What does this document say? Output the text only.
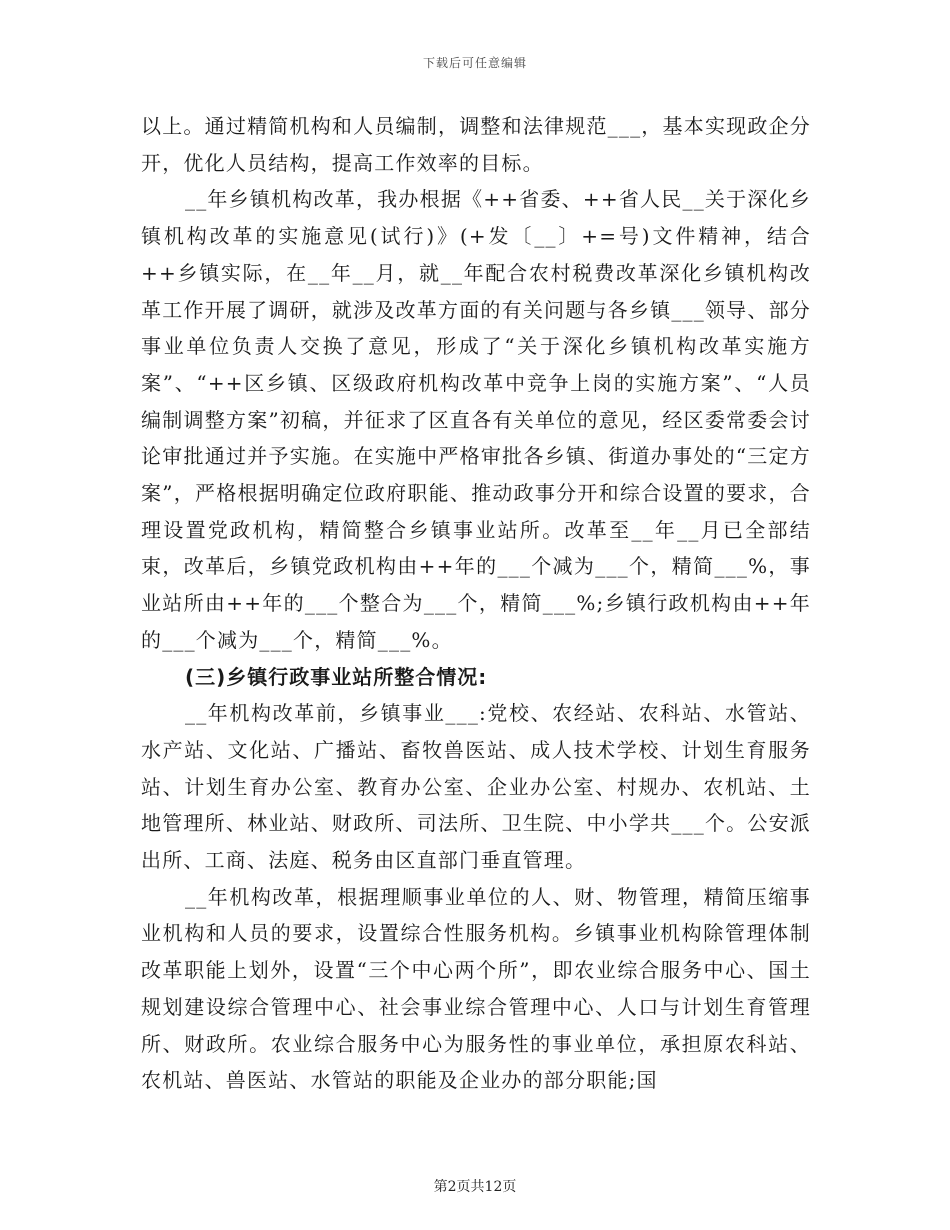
下载后可任意编辑

以上。通过精简机构和人员编制，调整和法律规范___，基本实现政企分开，优化人员结构，提高工作效率的目标。

__年乡镇机构改革，我办根据《++省委、++省人民__关于深化乡镇机构改革的实施意见(试行)》(+发〔__〕+=号)文件精神，结合++乡镇实际，在__年__月，就__年配合农村税费改革深化乡镇机构改革工作开展了调研，就涉及改革方面的有关问题与各乡镇___领导、部分事业单位负责人交换了意见，形成了“关于深化乡镇机构改革实施方案”、“++区乡镇、区级政府机构改革中竞争上岗的实施方案”、“人员编制调整方案”初稿，并征求了区直各有关单位的意见，经区委常委会讨论审批通过并予实施。在实施中严格审批各乡镇、街道办事处的“三定方案”，严格根据明确定位政府职能、推动政事分开和综合设置的要求，合理设置党政机构，精简整合乡镇事业站所。改革至__年__月已全部结束，改革后，乡镇党政机构由++年的___个减为___个，精简___%，事业站所由++年的___个整合为___个，精简___%;乡镇行政机构由++年的___个减为___个，精简___%。

(三)乡镇行政事业站所整合情况:

__年机构改革前，乡镇事业___:党校、农经站、农科站、水管站、水产站、文化站、广播站、畜牧兽医站、成人技术学校、计划生育服务站、计划生育办公室、教育办公室、企业办公室、村规办、农机站、土地管理所、林业站、财政所、司法所、卫生院、中小学共___个。公安派出所、工商、法庭、税务由区直部门垂直管理。

__年机构改革，根据理顺事业单位的人、财、物管理，精简压缩事业机构和人员的要求，设置综合性服务机构。乡镇事业机构除管理体制改革职能上划外，设置“三个中心两个所”，即农业综合服务中心、国土规划建设综合管理中心、社会事业综合管理中心、人口与计划生育管理所、财政所。农业综合服务中心为服务性的事业单位，承担原农科站、农机站、兽医站、水管站的职能及企业办的部分职能;国

第2页共12页
